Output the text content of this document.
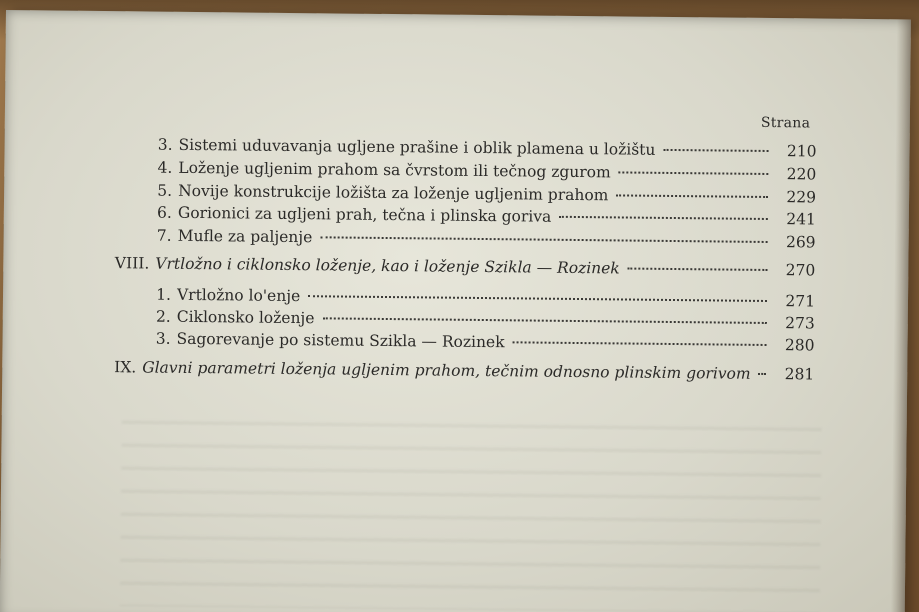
Strana
3. Sistemi uduvavanja ugljene prašine i oblik plamena u ložištu	210
4. Loženje ugljenim prahom sa čvrstom ili tečnog zgurom	220
5. Novije konstrukcije ložišta za loženje ugljenim prahom	229
6. Gorionici za ugljeni prah, tečna i plinska goriva	241
7. Mufle za paljenje	269
VIII. Vrtložno i ciklonsko loženje, kao i loženje Szikla — Rozinek	270
1. Vrtložno lo'enje	271
2. Ciklonsko loženje	273
3. Sagorevanje po sistemu Szikla — Rozinek	280
IX. Glavni parametri loženja ugljenim prahom, tečnim odnosno plinskim gorivom	281
